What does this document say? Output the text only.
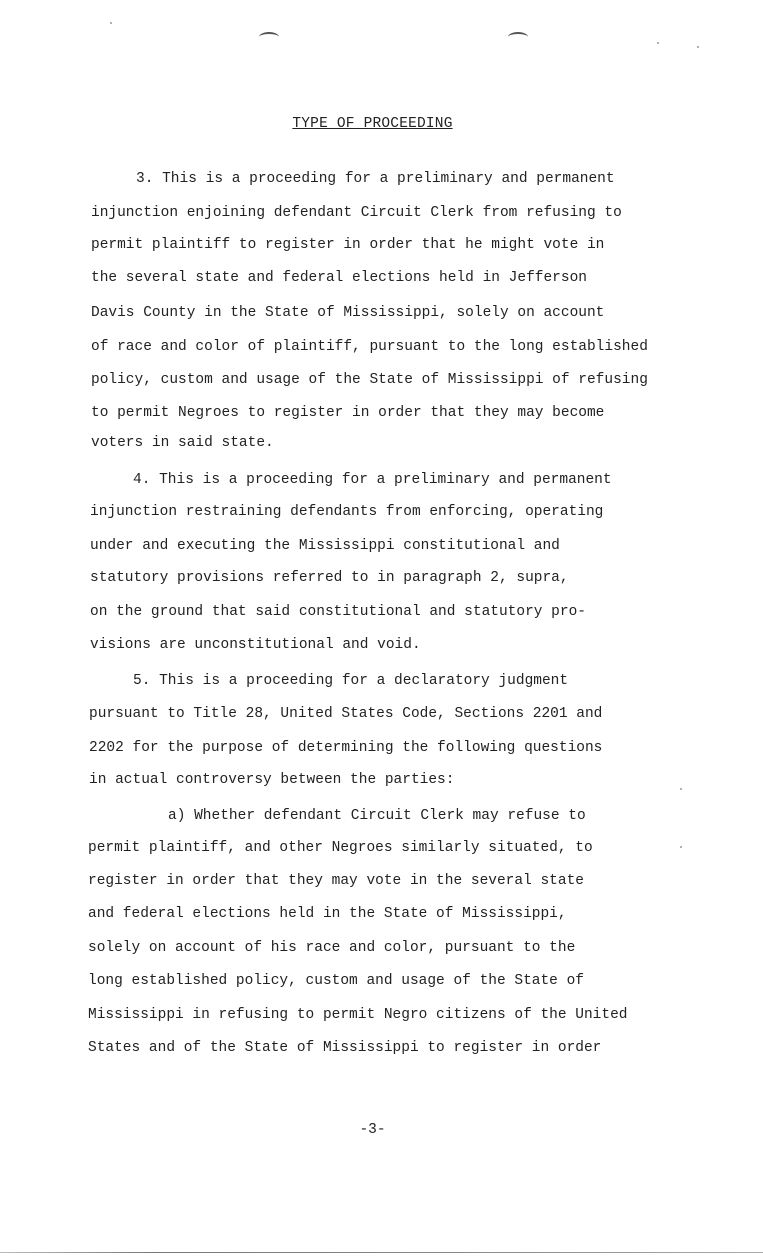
TYPE OF PROCEEDING
3. This is a proceeding for a preliminary and permanent
injunction enjoining defendant Circuit Clerk from refusing to
permit plaintiff to register in order that he might vote in
the several state and federal elections held in Jefferson
Davis County in the State of Mississippi, solely on account
of race and color of plaintiff, pursuant to the long established
policy, custom and usage of the State of Mississippi of refusing
to permit Negroes to register in order that they may become
voters in said state.
4. This is a proceeding for a preliminary and permanent
injunction restraining defendants from enforcing, operating
under and executing the Mississippi constitutional and
statutory provisions referred to in paragraph 2, supra,
on the ground that said constitutional and statutory pro-
visions are unconstitutional and void.
5. This is a proceeding for a declaratory judgment
pursuant to Title 28, United States Code, Sections 2201 and
2202 for the purpose of determining the following questions
in actual controversy between the parties:
a) Whether defendant Circuit Clerk may refuse to
permit plaintiff, and other Negroes similarly situated, to
register in order that they may vote in the several state
and federal elections held in the State of Mississippi,
solely on account of his race and color, pursuant to the
long established policy, custom and usage of the State of
Mississippi in refusing to permit Negro citizens of the United
States and of the State of Mississippi to register in order
-3-
